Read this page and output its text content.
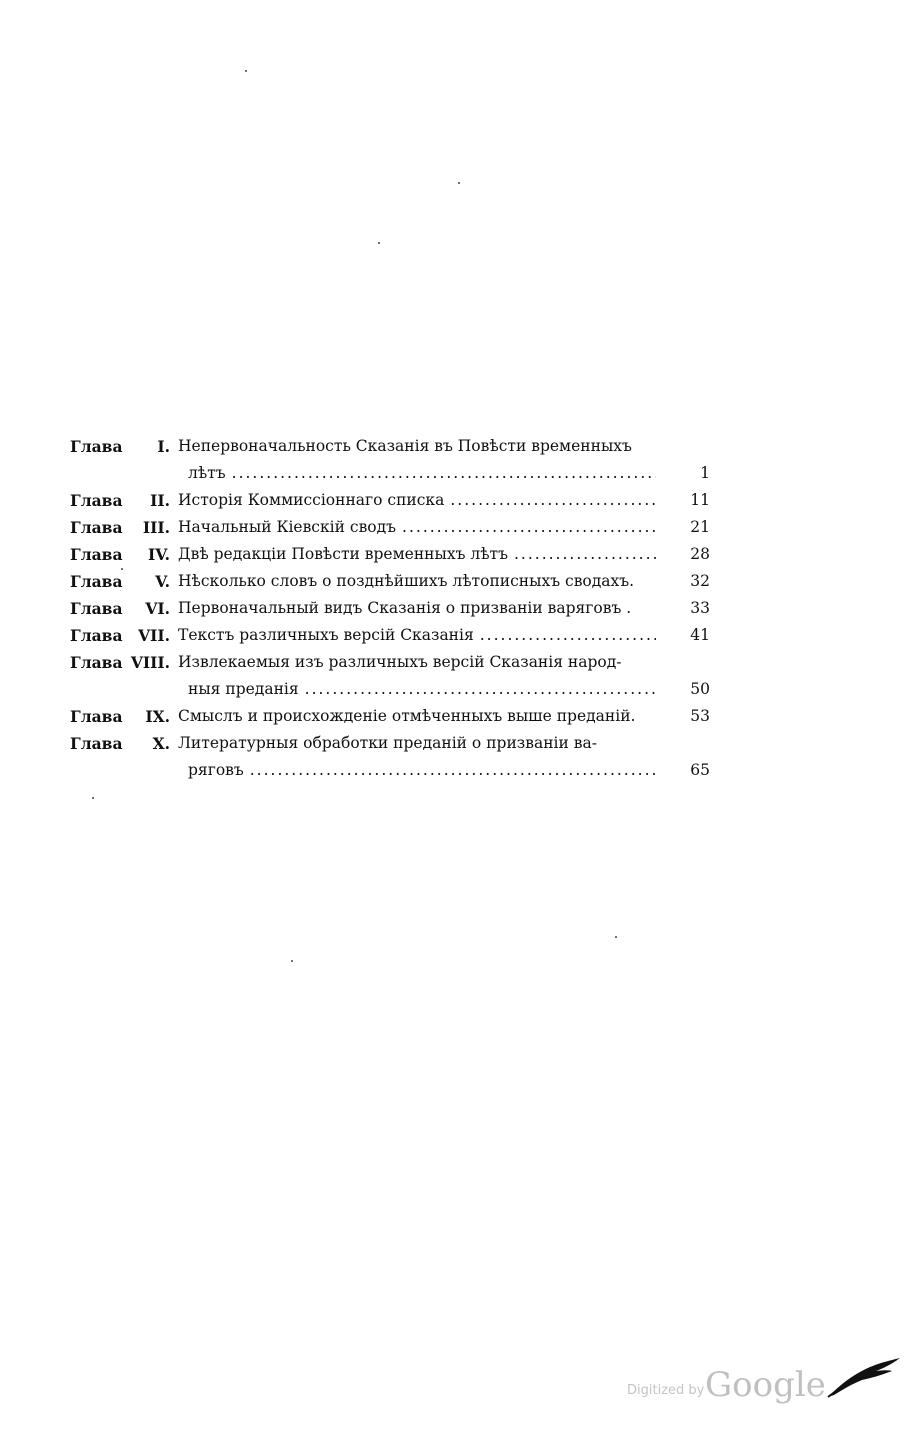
Глава	I. Непервоначальность Сказанія въ Повѣсти временныхъ
лѣтъ .....	1
Глава	II. Исторія Коммиссіоннаго списка .....	11
Глава	III. Начальный Кіевскій сводъ .....	21
Глава	IV. Двѣ редакціи Повѣсти временныхъ лѣтъ .....	28
Глава	V. Нѣсколько словъ о позднѣйшихъ лѣтописныхъ сводахъ.	32
Глава	VI. Первоначальный видъ Сказанія о призваніи варяговъ .	33
Глава	VII. Текстъ различныхъ версій Сказанія .....	41
Глава VIII. Извлекаемыя изъ различныхъ версій Сказанія народ-
ныя преданія .....	50
Глава	IX. Смыслъ и происхожденіе отмѣченныхъ выше преданій.	53
Глава	X. Литературныя обработки преданій о призваніи ва-
ряговъ .....	65
Digitized by Google
